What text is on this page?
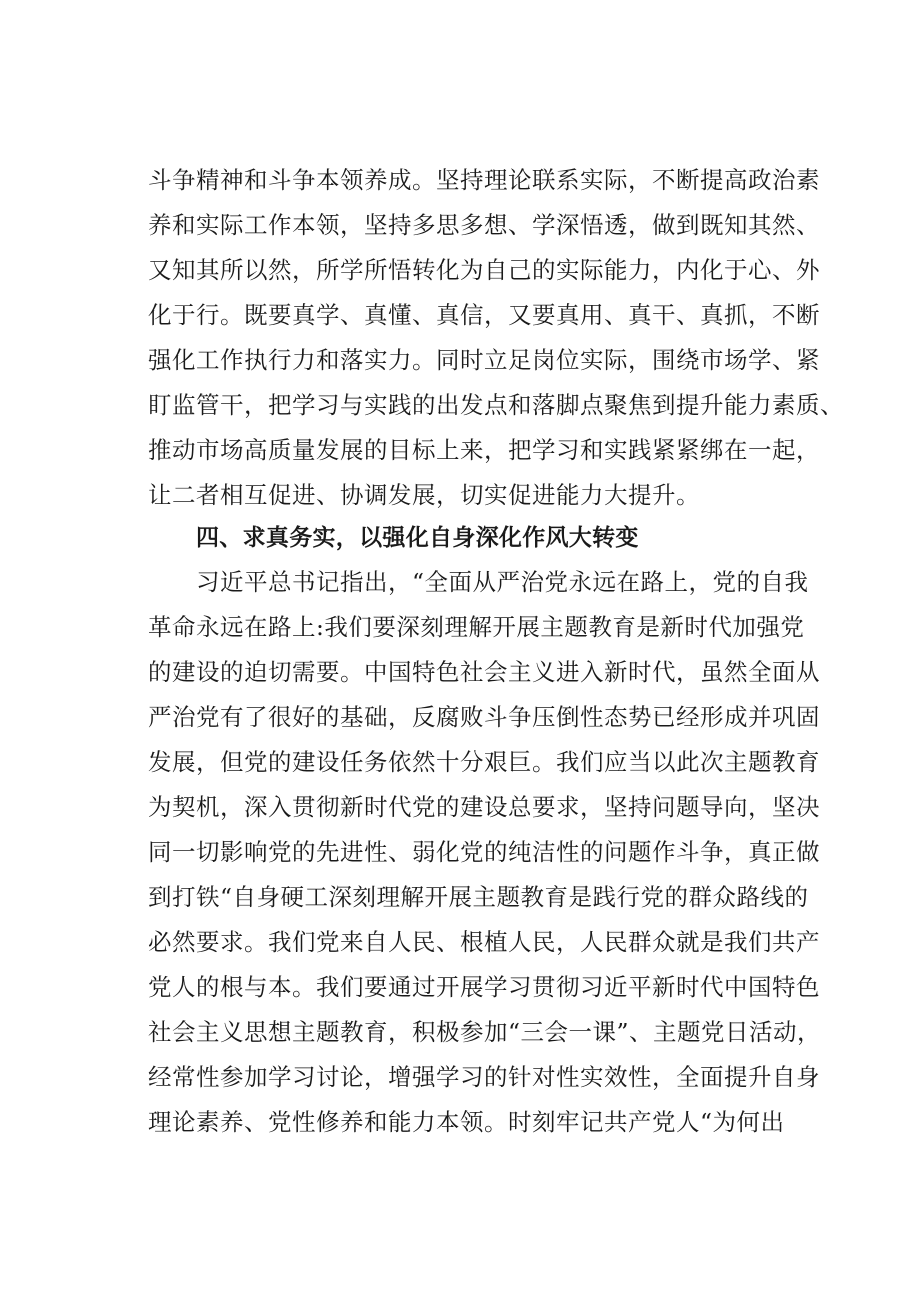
斗争精神和斗争本领养成。坚持理论联系实际，不断提高政治素
养和实际工作本领，坚持多思多想、学深悟透，做到既知其然、
又知其所以然，所学所悟转化为自己的实际能力，内化于心、外
化于行。既要真学、真懂、真信，又要真用、真干、真抓，不断
强化工作执行力和落实力。同时立足岗位实际，围绕市场学、紧
盯监管干，把学习与实践的出发点和落脚点聚焦到提升能力素质、
推动市场高质量发展的目标上来，把学习和实践紧紧绑在一起，
让二者相互促进、协调发展，切实促进能力大提升。
四、求真务实，以强化自身深化作风大转变
习近平总书记指出，“全面从严治党永远在路上，党的自我
革命永远在路上:我们要深刻理解开展主题教育是新时代加强党
的建设的迫切需要。中国特色社会主义进入新时代，虽然全面从
严治党有了很好的基础，反腐败斗争压倒性态势已经形成并巩固
发展，但党的建设任务依然十分艰巨。我们应当以此次主题教育
为契机，深入贯彻新时代党的建设总要求，坚持问题导向，坚决
同一切影响党的先进性、弱化党的纯洁性的问题作斗争，真正做
到打铁“自身硬工深刻理解开展主题教育是践行党的群众路线的
必然要求。我们党来自人民、根植人民，人民群众就是我们共产
党人的根与本。我们要通过开展学习贯彻习近平新时代中国特色
社会主义思想主题教育，积极参加“三会一课”、主题党日活动，
经常性参加学习讨论，增强学习的针对性实效性，全面提升自身
理论素养、党性修养和能力本领。时刻牢记共产党人“为何出
